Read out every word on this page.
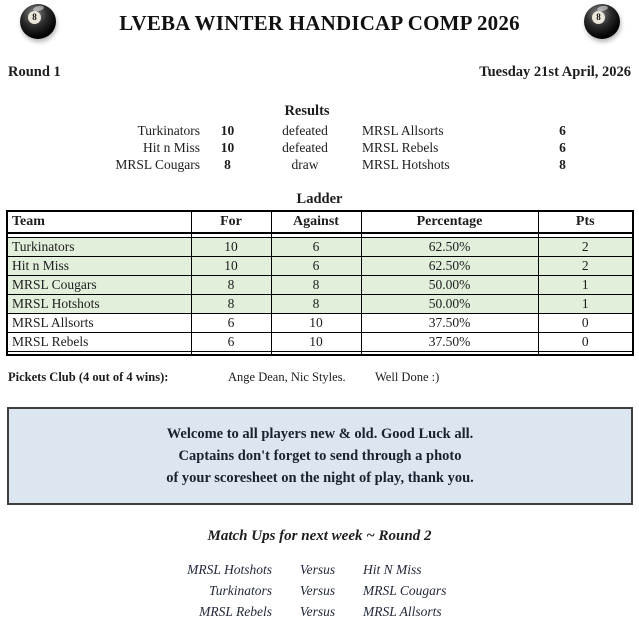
8	LVEBA WINTER HANDICAP COMP 2026	8
Round 1	Tuesday 21st April, 2026
Results
Turkinators	10	defeated	MRSL Allsorts	6
Hit n Miss	10	defeated	MRSL Rebels	6
MRSL Cougars	8	draw	MRSL Hotshots	8
Ladder
Team	For	Against	Percentage	Pts

Turkinators	10	6	62.50%	2
Hit n Miss	10	6	62.50%	2
MRSL Cougars	8	8	50.00%	1
MRSL Hotshots	8	8	50.00%	1
MRSL Allsorts	6	10	37.50%	0
MRSL Rebels	6	10	37.50%	0

Pickets Club (4 out of 4 wins):	Ange Dean, Nic Styles. Well Done :)
Welcome to all players new & old. Good Luck all.
Captains don't forget to send through a photo
of your scoresheet on the night of play, thank you.
Match Ups for next week ~ Round 2
MRSL Hotshots	Versus	Hit N Miss
Turkinators	Versus	MRSL Cougars
MRSL Rebels	Versus	MRSL Allsorts
